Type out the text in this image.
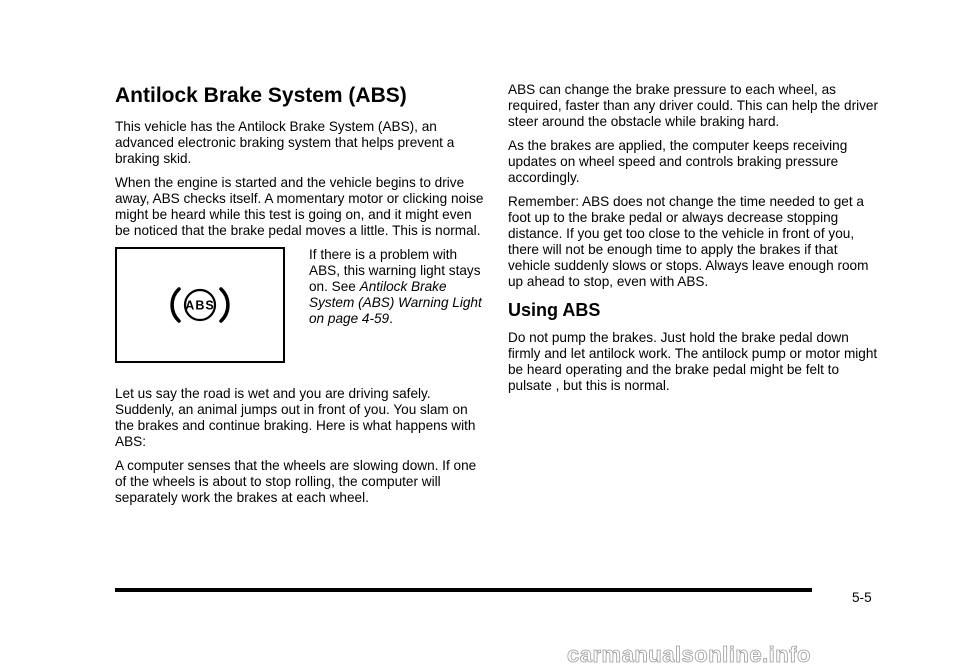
Antilock Brake System (ABS)

This vehicle has the Antilock Brake System (ABS), an advanced electronic braking system that helps prevent a braking skid.

When the engine is started and the vehicle begins to drive away, ABS checks itself. A momentary motor or clicking noise might be heard while this test is going on, and it might even be noticed that the brake pedal moves a little. This is normal.

ABS
If there is a problem with ABS, this warning light stays on. See Antilock Brake System (ABS) Warning Light on page 4-59.

Let us say the road is wet and you are driving safely. Suddenly, an animal jumps out in front of you. You slam on the brakes and continue braking. Here is what happens with ABS:

A computer senses that the wheels are slowing down. If one of the wheels is about to stop rolling, the computer will separately work the brakes at each wheel.

ABS can change the brake pressure to each wheel, as required, faster than any driver could. This can help the driver steer around the obstacle while braking hard.

As the brakes are applied, the computer keeps receiving updates on wheel speed and controls braking pressure accordingly.

Remember: ABS does not change the time needed to get a foot up to the brake pedal or always decrease stopping distance. If you get too close to the vehicle in front of you, there will not be enough time to apply the brakes if that vehicle suddenly slows or stops. Always leave enough room up ahead to stop, even with ABS.

Using ABS

Do not pump the brakes. Just hold the brake pedal down firmly and let antilock work. The antilock pump or motor might be heard operating and the brake pedal might be felt to pulsate , but this is normal.

5-5
carmanualsonline.info
